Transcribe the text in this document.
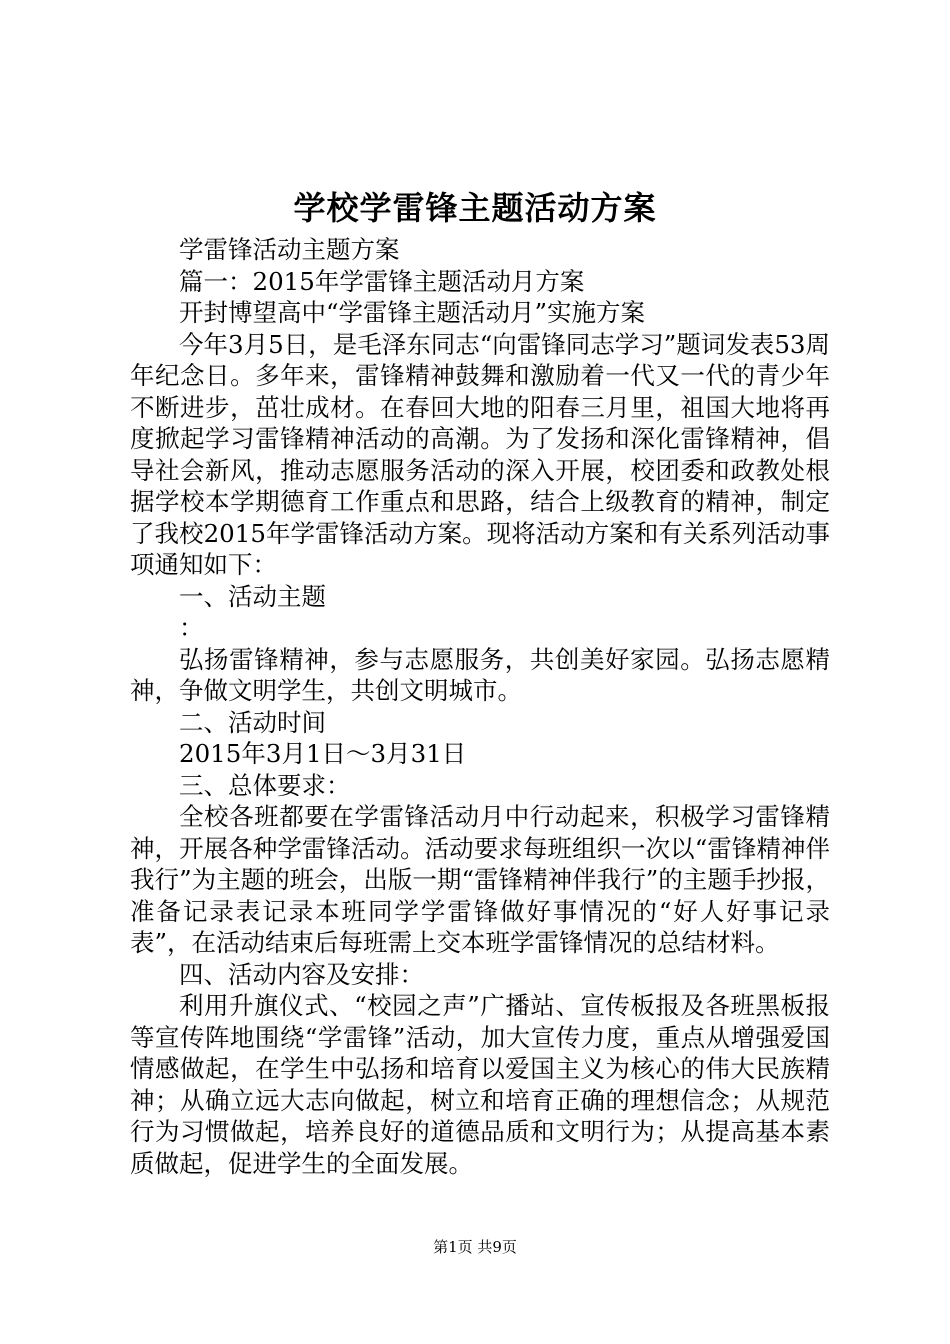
学校学雷锋主题活动方案

学雷锋活动主题方案

篇一：2015年学雷锋主题活动月方案

开封博望高中“学雷锋主题活动月”实施方案

今年3月5日，是毛泽东同志“向雷锋同志学习”题词发表53周年纪念日。多年来，雷锋精神鼓舞和激励着一代又一代的青少年不断进步，茁壮成材。在春回大地的阳春三月里，祖国大地将再度掀起学习雷锋精神活动的高潮。为了发扬和深化雷锋精神，倡导社会新风，推动志愿服务活动的深入开展，校团委和政教处根据学校本学期德育工作重点和思路，结合上级教育的精神，制定了我校2015年学雷锋活动方案。现将活动方案和有关系列活动事项通知如下：

一、活动主题

：

弘扬雷锋精神，参与志愿服务，共创美好家园。弘扬志愿精神，争做文明学生，共创文明城市。

二、活动时间

2015年3月1日～3月31日

三、总体要求：

全校各班都要在学雷锋活动月中行动起来，积极学习雷锋精神，开展各种学雷锋活动。活动要求每班组织一次以“雷锋精神伴我行”为主题的班会，出版一期“雷锋精神伴我行”的主题手抄报，准备记录表记录本班同学学雷锋做好事情况的“好人好事记录表”，在活动结束后每班需上交本班学雷锋情况的总结材料。

四、活动内容及安排：

利用升旗仪式、“校园之声”广播站、宣传板报及各班黑板报等宣传阵地围绕“学雷锋”活动，加大宣传力度，重点从增强爱国情感做起，在学生中弘扬和培育以爱国主义为核心的伟大民族精神；从确立远大志向做起，树立和培育正确的理想信念；从规范行为习惯做起，培养良好的道德品质和文明行为；从提高基本素质做起，促进学生的全面发展。

第1页 共9页
